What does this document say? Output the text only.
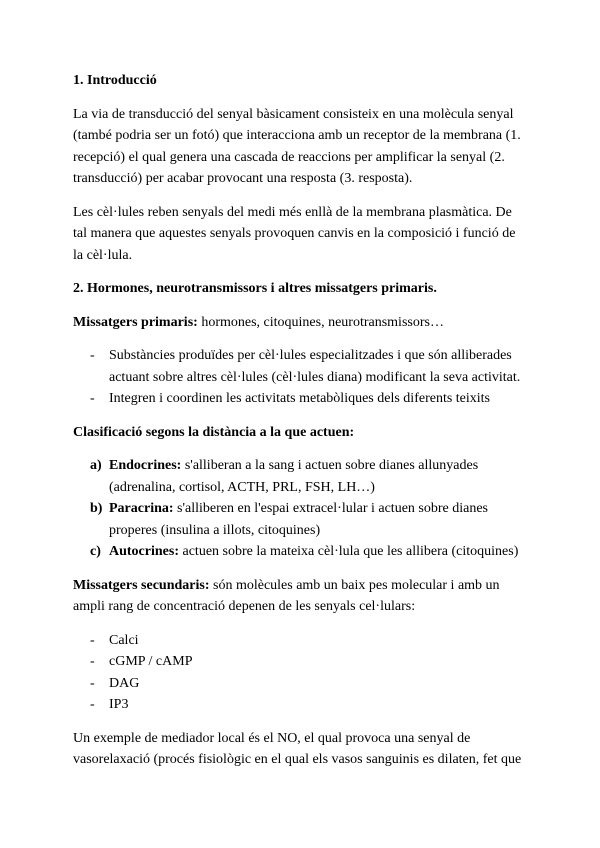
1. Introducció

La via de transducció del senyal bàsicament consisteix en una molècula senyal (també podria ser un fotó) que interacciona amb un receptor de la membrana (1. recepció) el qual genera una cascada de reaccions per amplificar la senyal (2. transducció) per acabar provocant una resposta (3. resposta).

Les cèl·lules reben senyals del medi més enllà de la membrana plasmàtica. De tal manera que aquestes senyals provoquen canvis en la composició i funció de la cèl·lula.

2. Hormones, neurotransmissors i altres missatgers primaris.

Missatgers primaris: hormones, citoquines, neurotransmissors…

- Substàncies produïdes per cèl·lules especialitzades i que són alliberades actuant sobre altres cèl·lules (cèl·lules diana) modificant la seva activitat.
- Integren i coordinen les activitats metabòliques dels diferents teixits

Clasificació segons la distància a la que actuen:

a) Endocrines: s'alliberan a la sang i actuen sobre dianes allunyades (adrenalina, cortisol, ACTH, PRL, FSH, LH…)
b) Paracrina: s'alliberen en l'espai extracel·lular i actuen sobre dianes properes (insulina a illots, citoquines)
c) Autocrines: actuen sobre la mateixa cèl·lula que les allibera (citoquines)

Missatgers secundaris: són molècules amb un baix pes molecular i amb un ampli rang de concentració depenen de les senyals cel·lulars:

- Calci
- cGMP / cAMP
- DAG
- IP3

Un exemple de mediador local és el NO, el qual provoca una senyal de vasorelaxació (procés fisiològic en el qual els vasos sanguinis es dilaten, fet que
